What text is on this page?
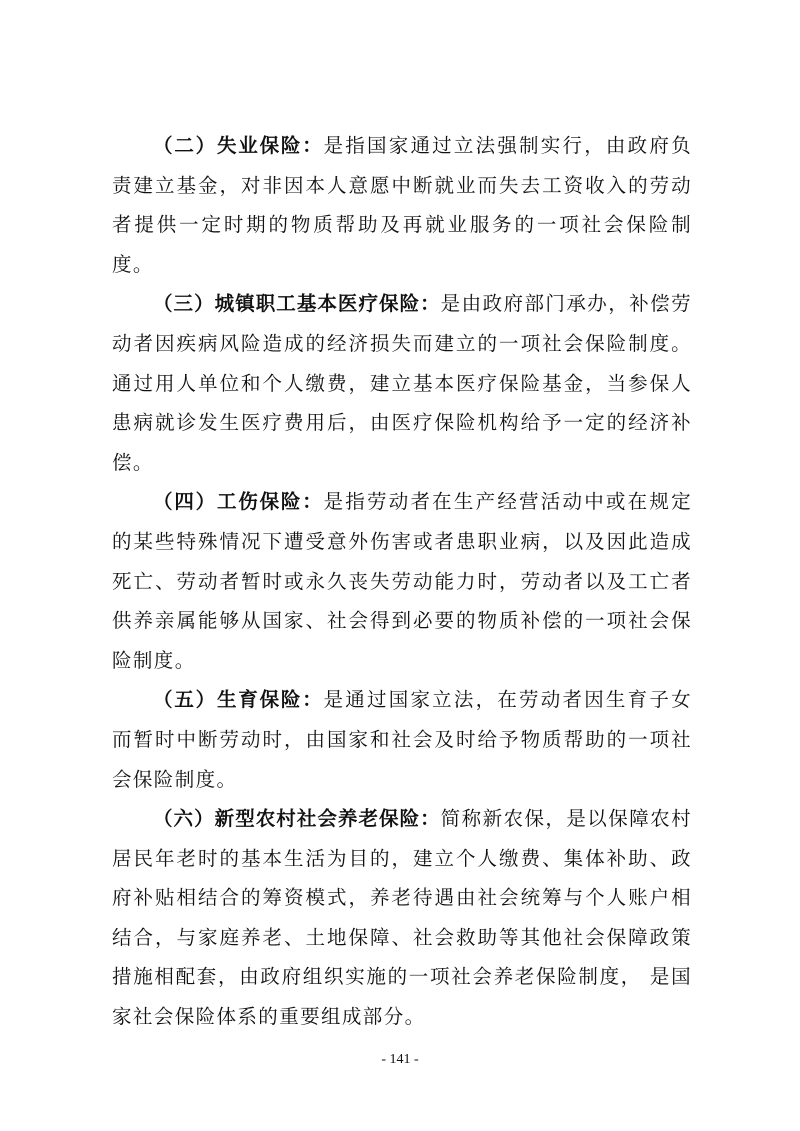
（二）失业保险：是指国家通过立法强制实行，由政府负责建立基金，对非因本人意愿中断就业而失去工资收入的劳动者提供一定时期的物质帮助及再就业服务的一项社会保险制度。

（三）城镇职工基本医疗保险：是由政府部门承办，补偿劳动者因疾病风险造成的经济损失而建立的一项社会保险制度。通过用人单位和个人缴费，建立基本医疗保险基金，当参保人患病就诊发生医疗费用后，由医疗保险机构给予一定的经济补偿。

（四）工伤保险：是指劳动者在生产经营活动中或在规定的某些特殊情况下遭受意外伤害或者患职业病，以及因此造成死亡、劳动者暂时或永久丧失劳动能力时，劳动者以及工亡者供养亲属能够从国家、社会得到必要的物质补偿的一项社会保险制度。

（五）生育保险：是通过国家立法，在劳动者因生育子女而暂时中断劳动时，由国家和社会及时给予物质帮助的一项社会保险制度。

（六）新型农村社会养老保险：简称新农保，是以保障农村居民年老时的基本生活为目的，建立个人缴费、集体补助、政府补贴相结合的筹资模式，养老待遇由社会统筹与个人账户相结合，与家庭养老、土地保障、社会救助等其他社会保障政策措施相配套，由政府组织实施的一项社会养老保险制度， 是国家社会保险体系的重要组成部分。

- 141 -
